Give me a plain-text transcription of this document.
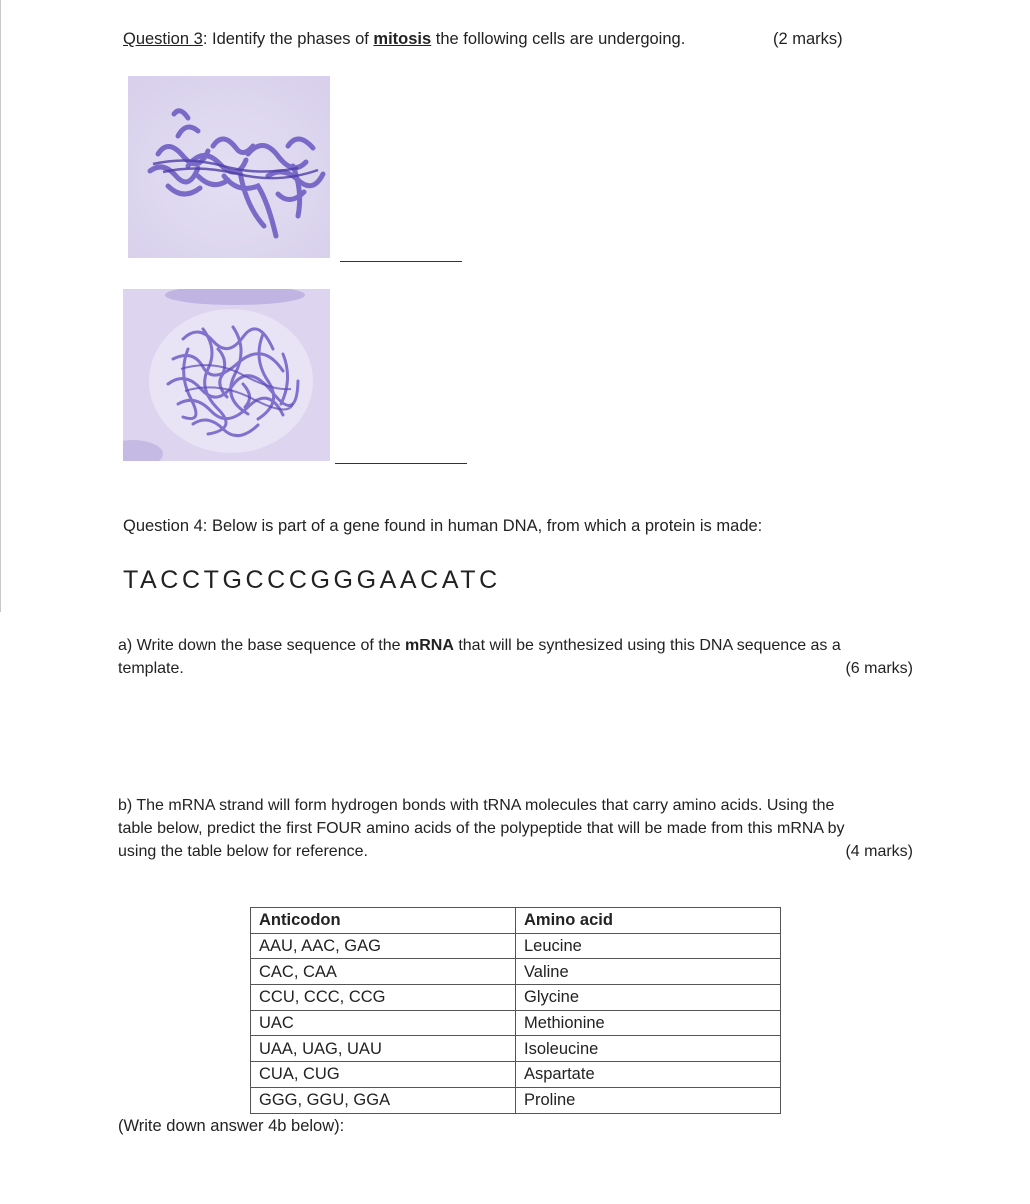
Question 3: Identify the phases of mitosis the following cells are undergoing.	(2 marks)
Question 4: Below is part of a gene found in human DNA, from which a protein is made:
TACCTGCCCGGGAACATC
a) Write down the base sequence of the mRNA that will be synthesized using this DNA sequence as a
template.	(6 marks)
b) The mRNA strand will form hydrogen bonds with tRNA molecules that carry amino acids. Using the
table below, predict the first FOUR amino acids of the polypeptide that will be made from this mRNA by
using the table below for reference.	(4 marks)
Anticodon	Amino acid
AAU, AAC, GAG	Leucine
CAC, CAA	Valine
CCU, CCC, CCG	Glycine
UAC	Methionine
UAA, UAG, UAU	Isoleucine
CUA, CUG	Aspartate
GGG, GGU, GGA	Proline
(Write down answer 4b below):
